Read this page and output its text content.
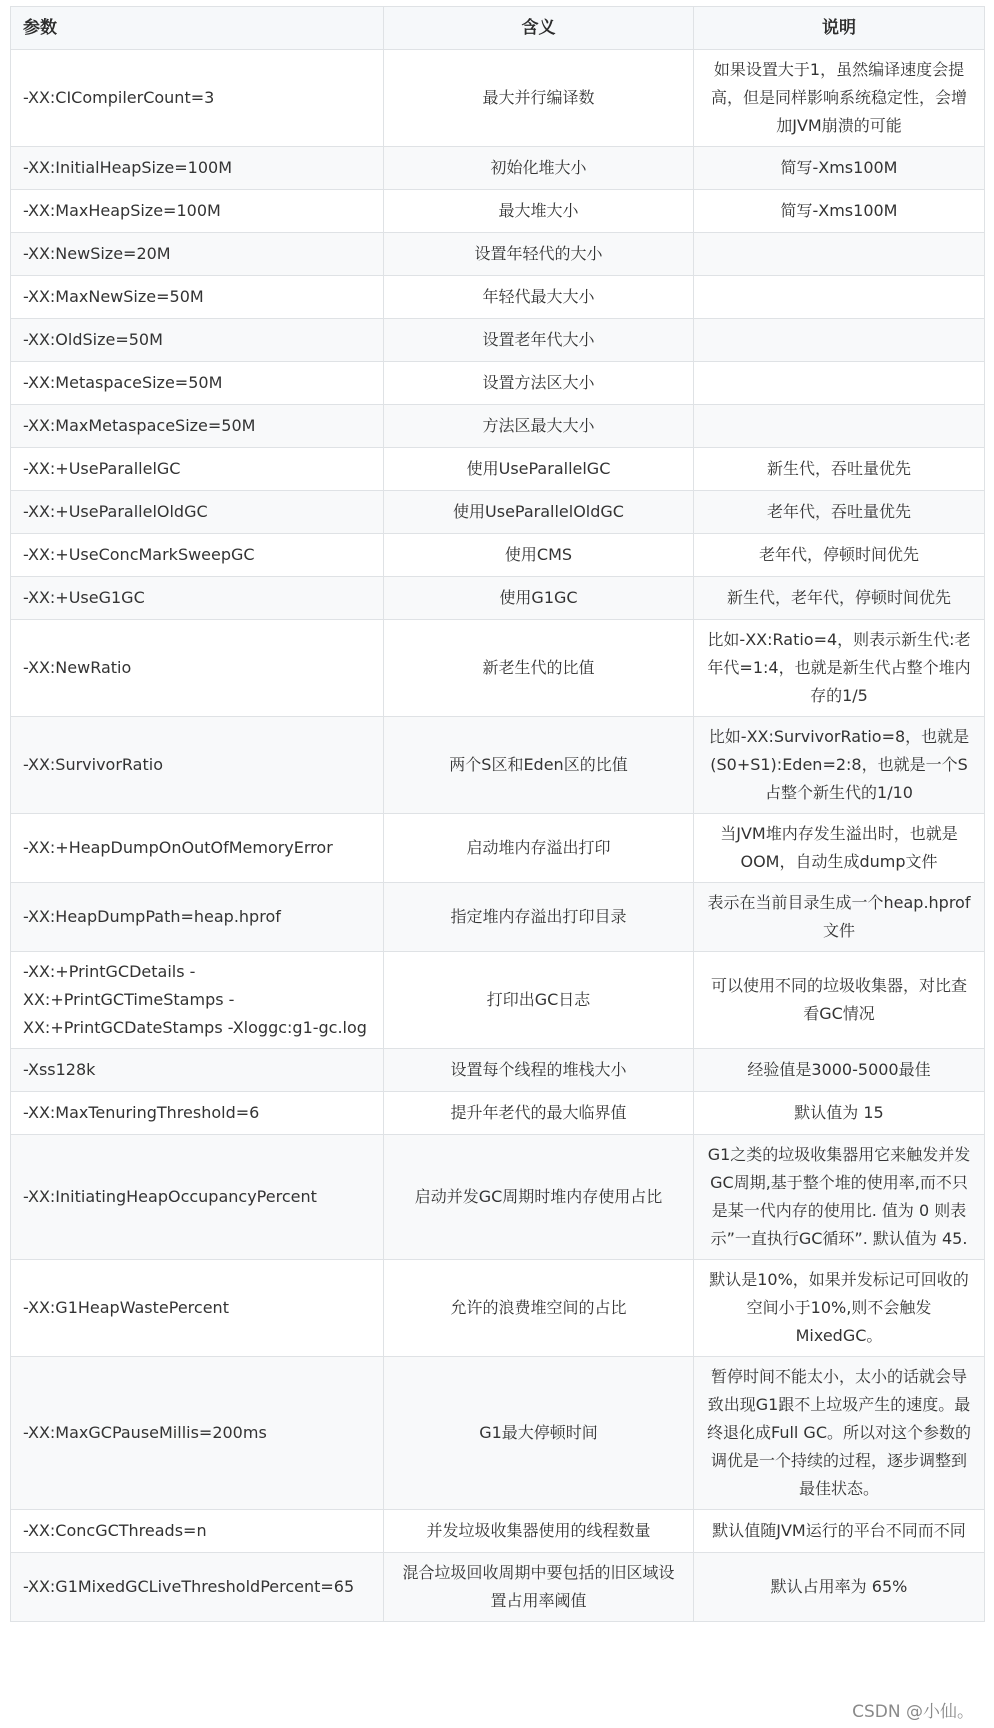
参数	含义	说明
-XX:CICompilerCount=3	最大并行编译数	如果设置大于1，虽然编译速度会提高，但是同样影响系统稳定性，会增加JVM崩溃的可能
-XX:InitialHeapSize=100M	初始化堆大小	简写-Xms100M
-XX:MaxHeapSize=100M	最大堆大小	简写-Xms100M
-XX:NewSize=20M	设置年轻代的大小	
-XX:MaxNewSize=50M	年轻代最大大小	
-XX:OldSize=50M	设置老年代大小	
-XX:MetaspaceSize=50M	设置方法区大小	
-XX:MaxMetaspaceSize=50M	方法区最大大小	
-XX:+UseParallelGC	使用UseParallelGC	新生代，吞吐量优先
-XX:+UseParallelOldGC	使用UseParallelOldGC	老年代，吞吐量优先
-XX:+UseConcMarkSweepGC	使用CMS	老年代，停顿时间优先
-XX:+UseG1GC	使用G1GC	新生代，老年代，停顿时间优先
-XX:NewRatio	新老生代的比值	比如-XX:Ratio=4，则表示新生代:老年代=1:4，也就是新生代占整个堆内存的1/5
-XX:SurvivorRatio	两个S区和Eden区的比值	比如-XX:SurvivorRatio=8，也就是(S0+S1):Eden=2:8，也就是一个S占整个新生代的1/10
-XX:+HeapDumpOnOutOfMemoryError	启动堆内存溢出打印	当JVM堆内存发生溢出时，也就是OOM，自动生成dump文件
-XX:HeapDumpPath=heap.hprof	指定堆内存溢出打印目录	表示在当前目录生成一个heap.hprof文件
-XX:+PrintGCDetails -XX:+PrintGCTimeStamps -XX:+PrintGCDateStamps -Xloggc:g1-gc.log	打印出GC日志	可以使用不同的垃圾收集器，对比查看GC情况
-Xss128k	设置每个线程的堆栈大小	经验值是3000-5000最佳
-XX:MaxTenuringThreshold=6	提升年老代的最大临界值	默认值为 15
-XX:InitiatingHeapOccupancyPercent	启动并发GC周期时堆内存使用占比	G1之类的垃圾收集器用它来触发并发GC周期,基于整个堆的使用率,而不只是某一代内存的使用比. 值为 0 则表示”一直执行GC循环”. 默认值为 45.
-XX:G1HeapWastePercent	允许的浪费堆空间的占比	默认是10%，如果并发标记可回收的空间小于10%,则不会触发MixedGC。
-XX:MaxGCPauseMillis=200ms	G1最大停顿时间	暂停时间不能太小，太小的话就会导致出现G1跟不上垃圾产生的速度。最终退化成Full GC。所以对这个参数的调优是一个持续的过程，逐步调整到最佳状态。
-XX:ConcGCThreads=n	并发垃圾收集器使用的线程数量	默认值随JVM运行的平台不同而不同
-XX:G1MixedGCLiveThresholdPercent=65	混合垃圾回收周期中要包括的旧区域设置占用率阈值	默认占用率为 65%
CSDN @小仙。
